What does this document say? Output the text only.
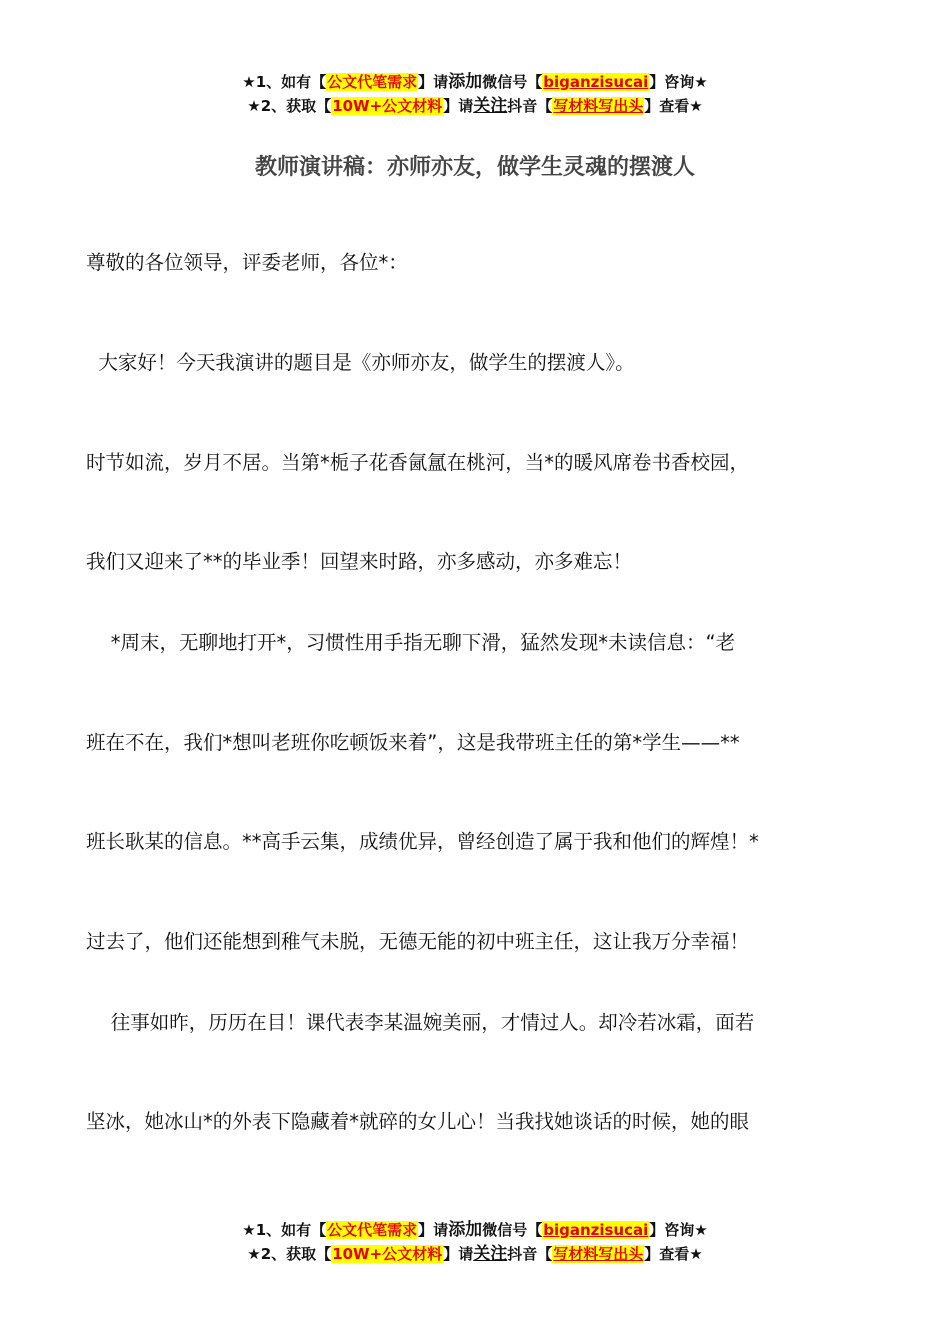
★1、如有【公文代笔需求】请添加微信号【biganzisucai】咨询★
★2、获取【10W+公文材料】请关注抖音【写材料写出头】查看★
教师演讲稿：亦师亦友，做学生灵魂的摆渡人
尊敬的各位领导，评委老师，各位*：
大家好！今天我演讲的题目是《亦师亦友，做学生的摆渡人》。
时节如流，岁月不居。当第*栀子花香氤氲在桃河，当*的暖风席卷书香校园，
我们又迎来了**的毕业季！回望来时路，亦多感动，亦多难忘！
*周末，无聊地打开*，习惯性用手指无聊下滑，猛然发现*未读信息：“老
班在不在，我们*想叫老班你吃顿饭来着”，这是我带班主任的第*学生——**
班长耿某的信息。**高手云集，成绩优异，曾经创造了属于我和他们的辉煌！*
过去了，他们还能想到稚气未脱，无德无能的初中班主任，这让我万分幸福！
往事如昨，历历在目！课代表李某温婉美丽，才情过人。却冷若冰霜，面若
坚冰，她冰山*的外表下隐藏着*就碎的女儿心！当我找她谈话的时候，她的眼
★1、如有【公文代笔需求】请添加微信号【biganzisucai】咨询★
★2、获取【10W+公文材料】请关注抖音【写材料写出头】查看★
